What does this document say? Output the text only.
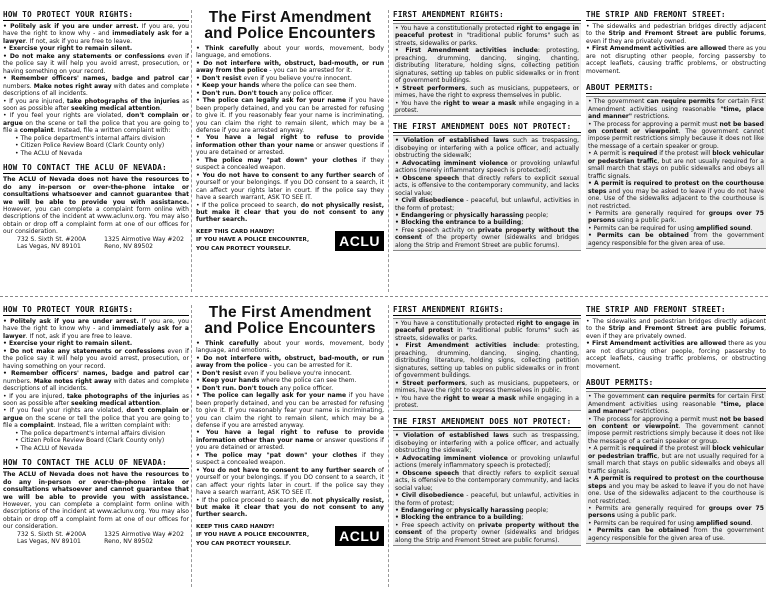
HOW TO PROTECT YOUR RIGHTS:

• Politely ask if you are under arrest. If you are, you have the right to know why - and immediately ask for a lawyer. If not, ask if you are free to leave.

• Exercise your right to remain silent.

• Do not make any statements or confessions even if the police say it will help you avoid arrest, prosecution, or having something on your record.

• Remember officers' names, badge and patrol car numbers. Make notes right away with dates and complete descriptions of all incidents.

• If you are injured, take photographs of the injuries as soon as possible after seeking medical attention.

• If you feel your rights are violated, don't complain or argue on the scene or tell the police that you are going to file a complaint. Instead, file a written complaint with:

• The police department's internal affairs division
• Citizen Police Review Board (Clark County only)
• The ACLU of Nevada
HOW TO CONTACT THE ACLU OF NEVADA:
The ACLU of Nevada does not have the resources to do any in-person or over-the-phone intake or consultations whatsoever and cannot guarantee that we will be able to provide you with assistance. However, you can complete a complaint form online with descriptions of the incident at www.aclunv.org. You may also obtain or drop off a complaint form at one of our offices for our consideration.
732 S. Sixth St. #200A
Las Vegas, NV 89101
1325 Airmotive Way #202
Reno, NV 89502
The First Amendment
and Police Encounters

• Think carefully about your words, movement, body language, and emotions.

• Do not interfere with, obstruct, bad-mouth, or run away from the police - you can be arrested for it.

• Don't resist even if you believe you're innocent.

• Keep your hands where the police can see them.

• Don't run. Don't touch any police officer.

• The police can legally ask for your name if you have been properly detained, and you can be arrested for refusing to give it. If you reasonably fear your name is incriminating, you can claim the right to remain silent, which may be a defense if you are arrested anyway.

• You have a legal right to refuse to provide information other than your name or answer questions if you are detained or arrested.

• The police may "pat down" your clothes if they suspect a concealed weapon.

• You do not have to consent to any further search of yourself or your belongings. If you DO consent to a search, it can affect your rights later in court. If the police say they have a search warrant, ASK TO SEE IT.

• If the police proceed to search, do not physically resist, but make it clear that you do not consent to any further search.

KEEP THIS CARD HANDY!
IF YOU HAVE A POLICE ENCOUNTER,
YOU CAN PROTECT YOURSELF.
ACLU
FIRST AMENDMENT RIGHTS:

• You have a constitutionally protected right to engage in peaceful protest in "traditional public forums" such as streets, sidewalks or parks.

• First Amendment activities include: protesting, preaching, drumming, dancing, singing, chanting, distributing literature, holding signs, collecting petition signatures, setting up tables on public sidewalks or in front of government buildings.

• Street performers, such as musicians, puppeteers, or mimes, have the right to express themselves in public.

• You have the right to wear a mask while engaging in a protest.

THE FIRST AMENDMENT DOES NOT PROTECT:

• Violation of established laws such as trespassing, disobeying or interfering with a police officer, and actually obstructing the sidewalk;

• Advocating imminent violence or provoking unlawful actions (merely inflammatory speech is protected);

• Obscene speech that directly refers to explicit sexual acts, is offensive to the contemporary community, and lacks social value;

• Civil disobedience - peaceful, but unlawful, activities in the form of protest;

• Endangering or physically harassing people;

• Blocking the entrance to a building;

• Free speech activity on private property without the consent of the property owner (sidewalks and bridges along the Strip and Fremont Street are public forums).

THE STRIP AND FREMONT STREET:

• The sidewalks and pedestrian bridges directly adjacent to the Strip and Fremont Street are public forums, even if they are privately owned.

• First Amendment activities are allowed there as you are not disrupting other people, forcing passersby to accept leaflets, causing traffic problems, or obstructing movement.

ABOUT PERMITS:

• The government can require permits for certain First Amendment activities using reasonable "time, place and manner" restrictions.

• The process for approving a permit must not be based on content or viewpoint. The government cannot impose permit restrictions simply because it does not like the message of a certain speaker or group.

• A permit is required if the protest will block vehicular or pedestrian traffic, but are not usually required for a small march that stays on public sidewalks and obeys all traffic signals.

• A permit is required to protest on the courthouse steps and you may be asked to leave if you do not have one. Use of the sidewalks adjacent to the courthouse is not restricted.

• Permits are generally required for groups over 75 persons using a public park.

• Permits can be required for using amplified sound.

• Permits can be obtained from the government agency responsible for the given area of use.

HOW TO PROTECT YOUR RIGHTS:

• Politely ask if you are under arrest. If you are, you have the right to know why - and immediately ask for a lawyer. If not, ask if you are free to leave.

• Exercise your right to remain silent.

• Do not make any statements or confessions even if the police say it will help you avoid arrest, prosecution, or having something on your record.

• Remember officers' names, badge and patrol car numbers. Make notes right away with dates and complete descriptions of all incidents.

• If you are injured, take photographs of the injuries as soon as possible after seeking medical attention.

• If you feel your rights are violated, don't complain or argue on the scene or tell the police that you are going to file a complaint. Instead, file a written complaint with:

• The police department's internal affairs division
• Citizen Police Review Board (Clark County only)
• The ACLU of Nevada
HOW TO CONTACT THE ACLU OF NEVADA:
The ACLU of Nevada does not have the resources to do any in-person or over-the-phone intake or consultations whatsoever and cannot guarantee that we will be able to provide you with assistance. However, you can complete a complaint form online with descriptions of the incident at www.aclunv.org. You may also obtain or drop off a complaint form at one of our offices for our consideration.
732 S. Sixth St. #200A
Las Vegas, NV 89101
1325 Airmotive Way #202
Reno, NV 89502
The First Amendment
and Police Encounters

• Think carefully about your words, movement, body language, and emotions.

• Do not interfere with, obstruct, bad-mouth, or run away from the police - you can be arrested for it.

• Don't resist even if you believe you're innocent.

• Keep your hands where the police can see them.

• Don't run. Don't touch any police officer.

• The police can legally ask for your name if you have been properly detained, and you can be arrested for refusing to give it. If you reasonably fear your name is incriminating, you can claim the right to remain silent, which may be a defense if you are arrested anyway.

• You have a legal right to refuse to provide information other than your name or answer questions if you are detained or arrested.

• The police may "pat down" your clothes if they suspect a concealed weapon.

• You do not have to consent to any further search of yourself or your belongings. If you DO consent to a search, it can affect your rights later in court. If the police say they have a search warrant, ASK TO SEE IT.

• If the police proceed to search, do not physically resist, but make it clear that you do not consent to any further search.

KEEP THIS CARD HANDY!
IF YOU HAVE A POLICE ENCOUNTER,
YOU CAN PROTECT YOURSELF.
ACLU
FIRST AMENDMENT RIGHTS:

• You have a constitutionally protected right to engage in peaceful protest in "traditional public forums" such as streets, sidewalks or parks.

• First Amendment activities include: protesting, preaching, drumming, dancing, singing, chanting, distributing literature, holding signs, collecting petition signatures, setting up tables on public sidewalks or in front of government buildings.

• Street performers, such as musicians, puppeteers, or mimes, have the right to express themselves in public.

• You have the right to wear a mask while engaging in a protest.

THE FIRST AMENDMENT DOES NOT PROTECT:

• Violation of established laws such as trespassing, disobeying or interfering with a police officer, and actually obstructing the sidewalk;

• Advocating imminent violence or provoking unlawful actions (merely inflammatory speech is protected);

• Obscene speech that directly refers to explicit sexual acts, is offensive to the contemporary community, and lacks social value;

• Civil disobedience - peaceful, but unlawful, activities in the form of protest;

• Endangering or physically harassing people;

• Blocking the entrance to a building;

• Free speech activity on private property without the consent of the property owner (sidewalks and bridges along the Strip and Fremont Street are public forums).

THE STRIP AND FREMONT STREET:

• The sidewalks and pedestrian bridges directly adjacent to the Strip and Fremont Street are public forums, even if they are privately owned.

• First Amendment activities are allowed there as you are not disrupting other people, forcing passersby to accept leaflets, causing traffic problems, or obstructing movement.

ABOUT PERMITS:

• The government can require permits for certain First Amendment activities using reasonable "time, place and manner" restrictions.

• The process for approving a permit must not be based on content or viewpoint. The government cannot impose permit restrictions simply because it does not like the message of a certain speaker or group.

• A permit is required if the protest will block vehicular or pedestrian traffic, but are not usually required for a small march that stays on public sidewalks and obeys all traffic signals.

• A permit is required to protest on the courthouse steps and you may be asked to leave if you do not have one. Use of the sidewalks adjacent to the courthouse is not restricted.

• Permits are generally required for groups over 75 persons using a public park.

• Permits can be required for using amplified sound.

• Permits can be obtained from the government agency responsible for the given area of use.
